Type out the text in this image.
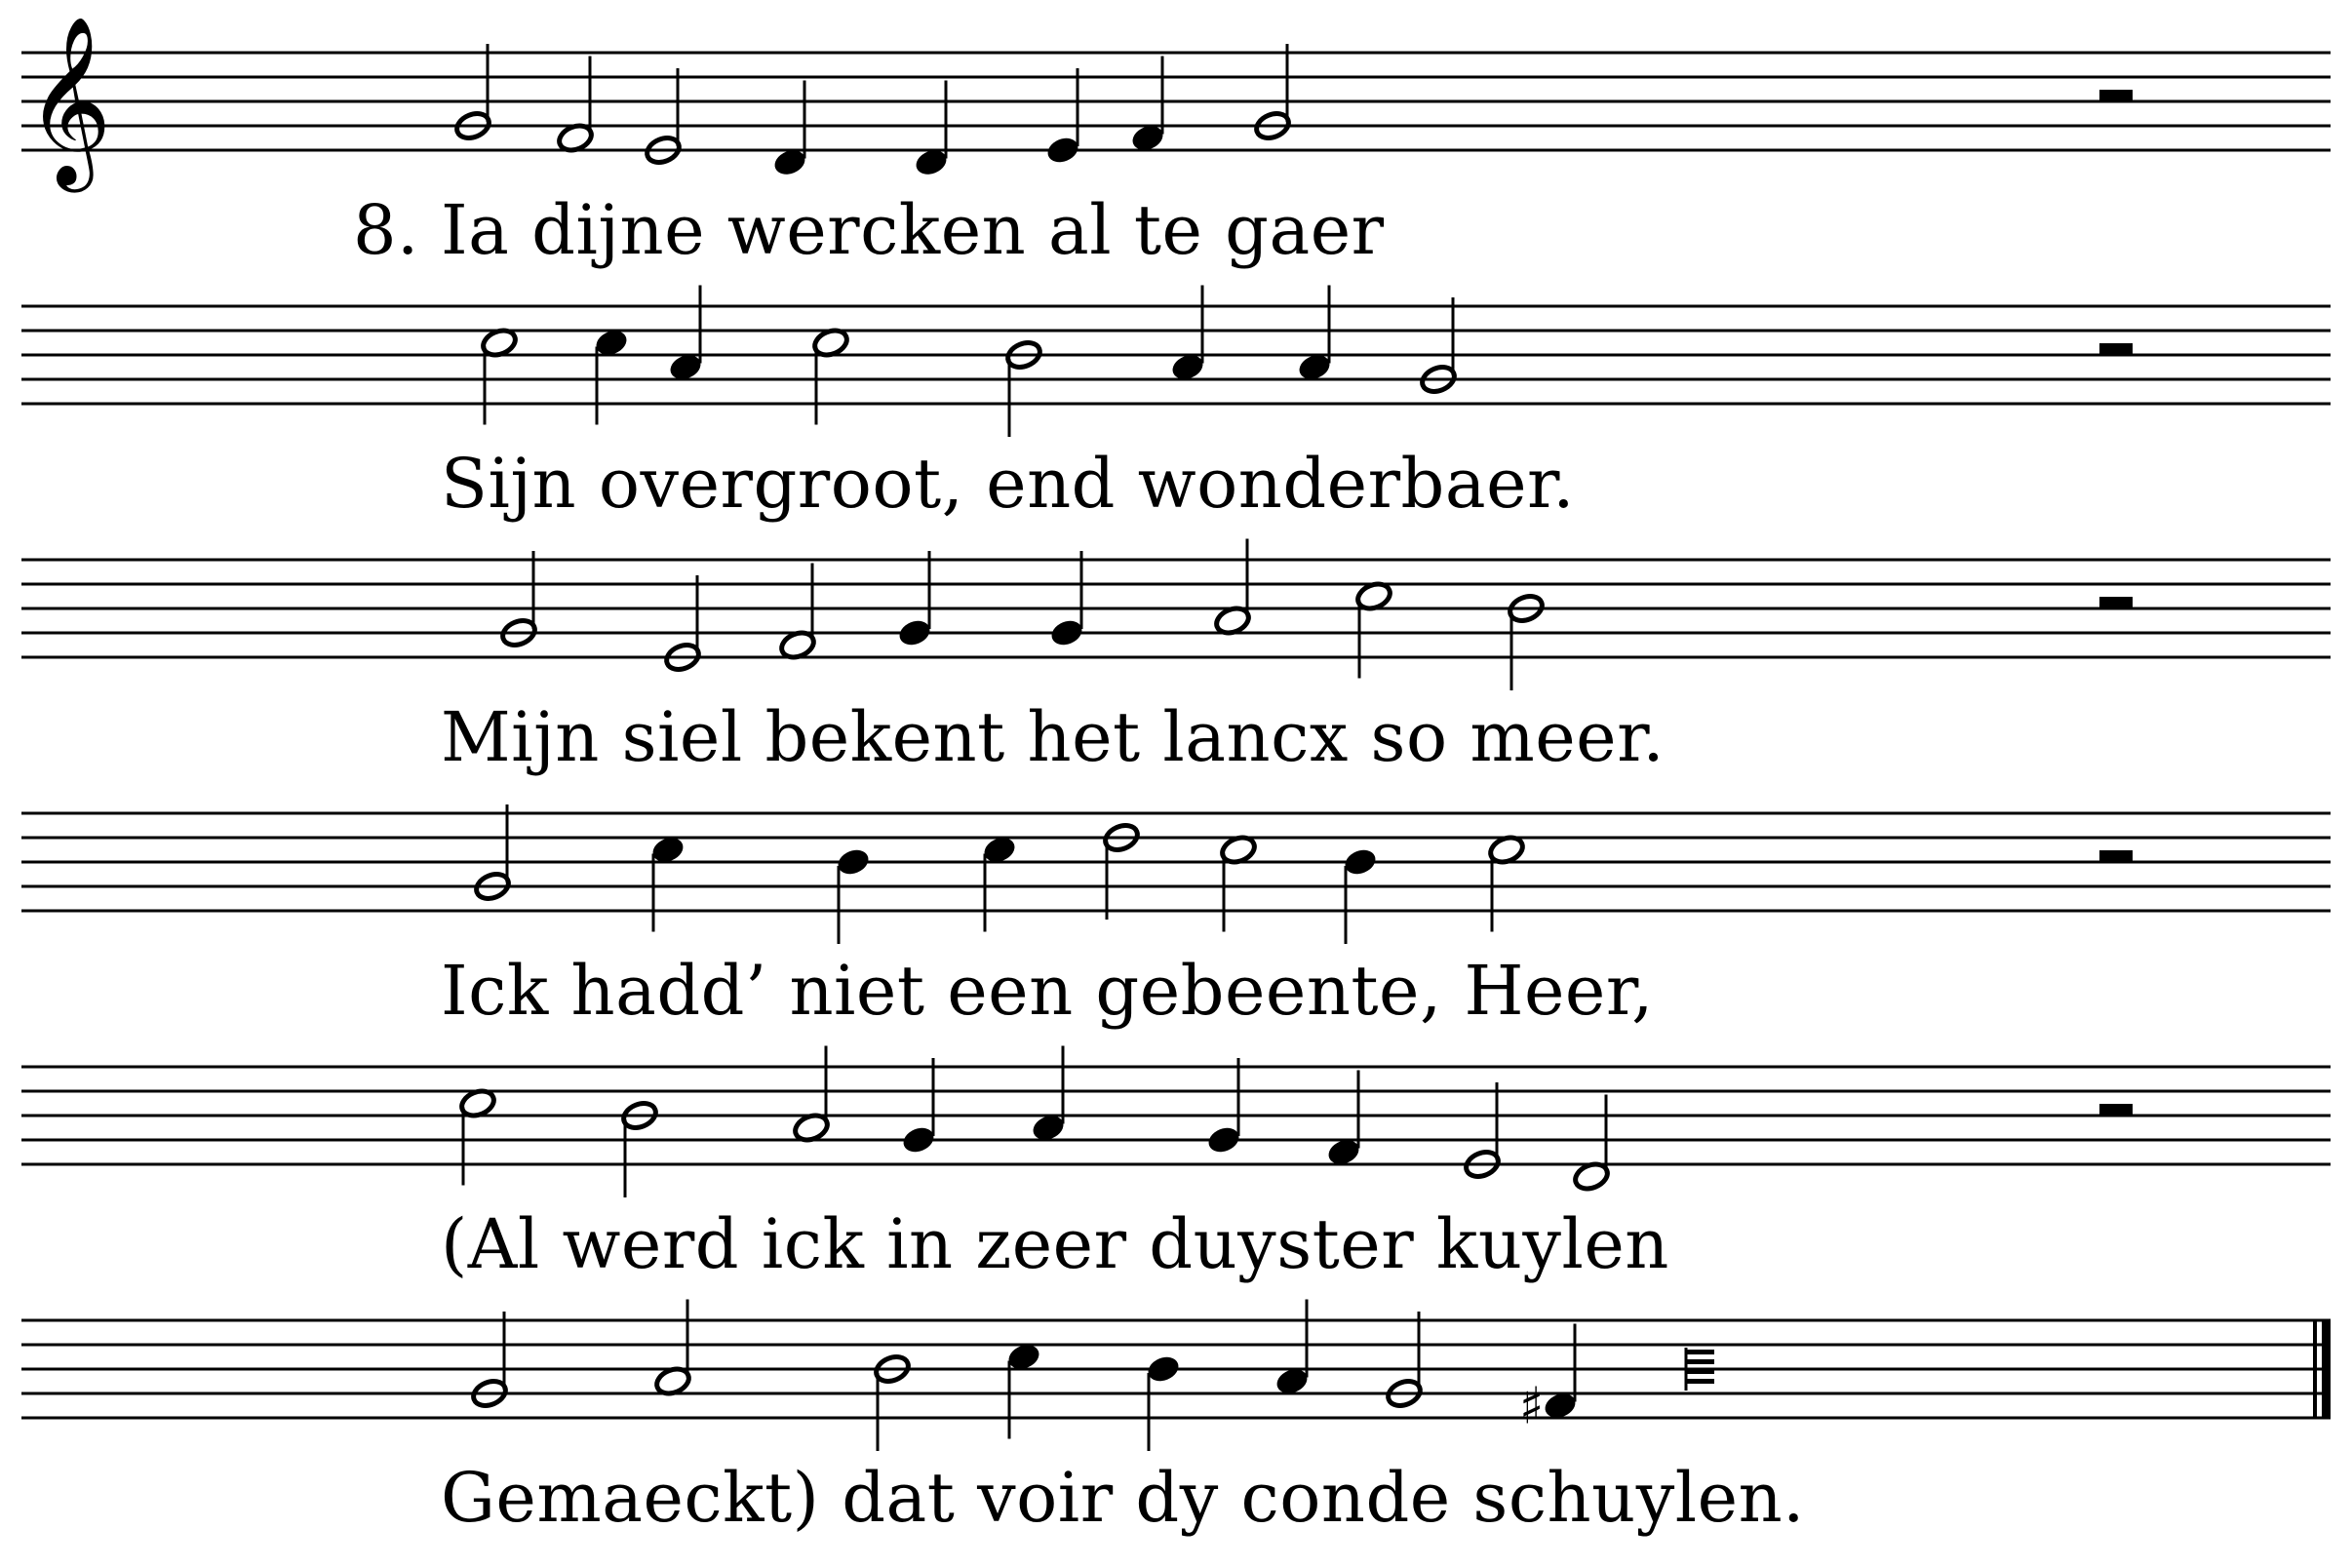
𝄞
♯
8. Ia dijne wercken al te gaer
Sijn overgroot, end wonderbaer.
Mijn siel bekent het lancx so meer.
Ick hadd’ niet een gebeente, Heer,
(Al werd ick in zeer duyster kuylen
Gemaeckt) dat voir dy conde schuylen.
